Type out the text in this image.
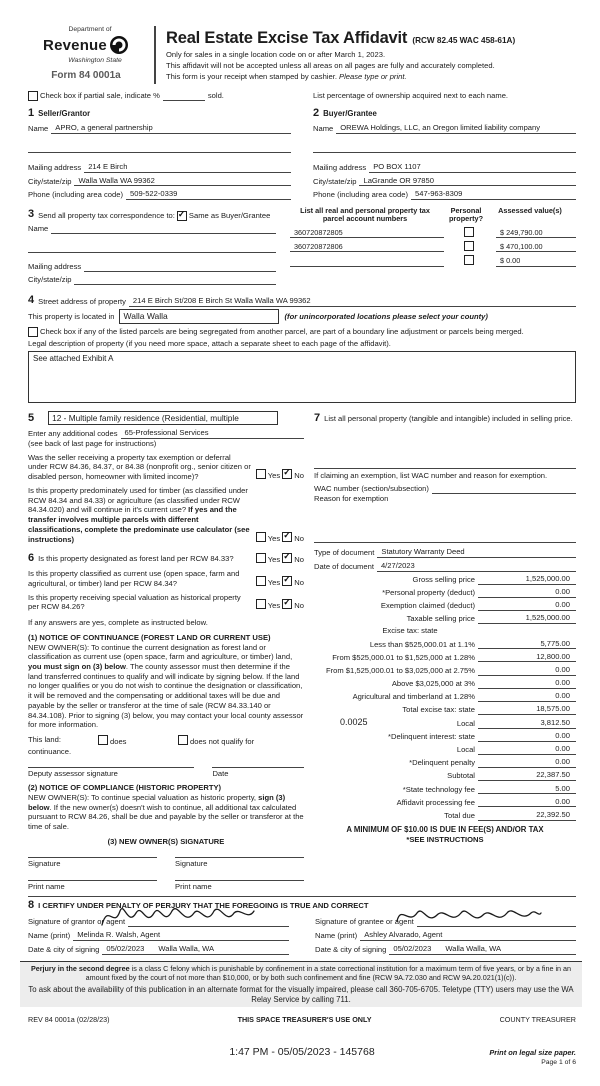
Department of
Revenue
Washington State
Form 84 0001a
Real Estate Excise Tax Affidavit (RCW 82.45 WAC 458-61A)
Only for sales in a single location code on or after March 1, 2023.
This affidavit will not be accepted unless all areas on all pages are fully and accurately completed.
This form is your receipt when stamped by cashier. Please type or print.
Check box if partial sale, indicate %	sold.	List percentage of ownership acquired next to each name.
1 Seller/Grantor
Name APRO, a general partnership
Mailing address 214 E Birch
City/state/zip Walla Walla WA 99362
Phone (including area code) 509-522-0339
2 Buyer/Grantee
Name OREWA Holdings, LLC, an Oregon limited liability company
Mailing address PO BOX 1107
City/state/zip LaGrande OR 97850
Phone (including area code) 547-963-8309
3 Send all property tax correspondence to:
✓ Same as Buyer/Grantee
Name
Mailing address
City/state/zip
List all real and personal property tax parcel account numbers
Personal property?
Assessed value(s)
360720872805	$ 249,790.00
360720872806	$ 470,100.00
$ 0.00
4 Street address of property 214 E Birch St/208 E Birch St Walla Walla WA 99362
This property is located in	Walla Walla	(for unincorporated locations please select your county)
Check box if any of the listed parcels are being segregated from another parcel, are part of a boundary line adjustment or parcels being merged.
Legal description of property (if you need more space, attach a separate sheet to each page of the affidavit).
See attached Exhibit A
5	12 - Multiple family residence (Residential, multiple
Enter any additional codes 65-Professional Services
(see back of last page for instructions)
Was the seller receiving a property tax exemption or deferral under RCW 84.36, 84.37, or 84.38 (nonprofit org., senior citizen or disabled person, homeowner with limited income)?	Yes ✓ No
Is this property predominately used for timber (as classified under RCW 84.34 and 84.33) or agriculture (as classified under RCW 84.34.020) and will continue in it's current use? If yes and the transfer involves multiple parcels with different classifications, complete the predominate use calculator (see instructions)	Yes ✓ No
6 Is this property designated as forest land per RCW 84.33?	Yes ✓ No
Is this property classified as current use (open space, farm and agricultural, or timber) land per RCW 84.34?	Yes ✓ No
Is this property receiving special valuation as historical property per RCW 84.26?	Yes ✓ No
If any answers are yes, complete as instructed below.
(1) NOTICE OF CONTINUANCE (FOREST LAND OR CURRENT USE)
NEW OWNER(S): To continue the current designation as forest land or classification as current use (open space, farm and agriculture, or timber) land, you must sign on (3) below. The county assessor must then determine if the land transferred continues to qualify and will indicate by signing below. If the land no longer qualifies or you do not wish to continue the designation or classification, it will be removed and the compensating or additional taxes will be due and payable by the seller or transferor at the time of sale (RCW 84.33.140 or 84.34.108). Prior to signing (3) below, you may contact your local county assessor for more information.
This land:	does	does not qualify for
continuance.
Deputy assessor signature	Date
(2) NOTICE OF COMPLIANCE (HISTORIC PROPERTY)
NEW OWNER(S): To continue special valuation as historic property, sign (3) below. If the new owner(s) doesn't wish to continue, all additional tax calculated pursuant to RCW 84.26, shall be due and payable by the seller or transferor at the time of sale.
(3) NEW OWNER(S) SIGNATURE
Signature	Signature
Print name	Print name
7 List all personal property (tangible and intangible) included in selling price.
If claiming an exemption, list WAC number and reason for exemption.
WAC number (section/subsection)
Reason for exemption
Type of document Statutory Warranty Deed
Date of document 4/27/2023
Gross selling price	1,525,000.00
*Personal property (deduct)	0.00
Exemption claimed (deduct)	0.00
Taxable selling price	1,525,000.00
Excise tax: state
Less than $525,000.01 at 1.1%	5,775.00
From $525,000.01 to $1,525,000 at 1.28%	12,800.00
From $1,525,000.01 to $3,025,000 at 2.75%	0.00
Above $3,025,000 at 3%	0.00
Agricultural and timberland at 1.28%	0.00
Total excise tax: state	18,575.00
0.0025	Local	3,812.50
*Delinquent interest: state	0.00
Local	0.00
*Delinquent penalty	0.00
Subtotal	22,387.50
*State technology fee	5.00
Affidavit processing fee	0.00
Total due	22,392.50
A MINIMUM OF $10.00 IS DUE IN FEE(S) AND/OR TAX
*SEE INSTRUCTIONS
8 I CERTIFY UNDER PENALTY OF PERJURY THAT THE FOREGOING IS TRUE AND CORRECT
Signature of grantor or agent
Name (print) Melinda R. Walsh, Agent
Date & city of signing 05/02/2023 Walla Walla, WA
Signature of grantee or agent
Name (print) Ashley Alvarado, Agent
Date & city of signing 05/02/2023 Walla Walla, WA
Perjury in the second degree is a class C felony which is punishable by confinement in a state correctional institution for a maximum term of five years, or by a fine in an amount fixed by the court of not more than $10,000, or by both such confinement and fine (RCW 9A.72.030 and RCW 9A.20.021(1)(c)).
To ask about the availability of this publication in an alternate format for the visually impaired, please call 360-705-6705. Teletype (TTY) users may use the WA Relay Service by calling 711.
REV 84 0001a (02/28/23)	THIS SPACE TREASURER'S USE ONLY	COUNTY TREASURER
1:47 PM - 05/05/2023 - 145768	Print on legal size paper.
Page 1 of 6
